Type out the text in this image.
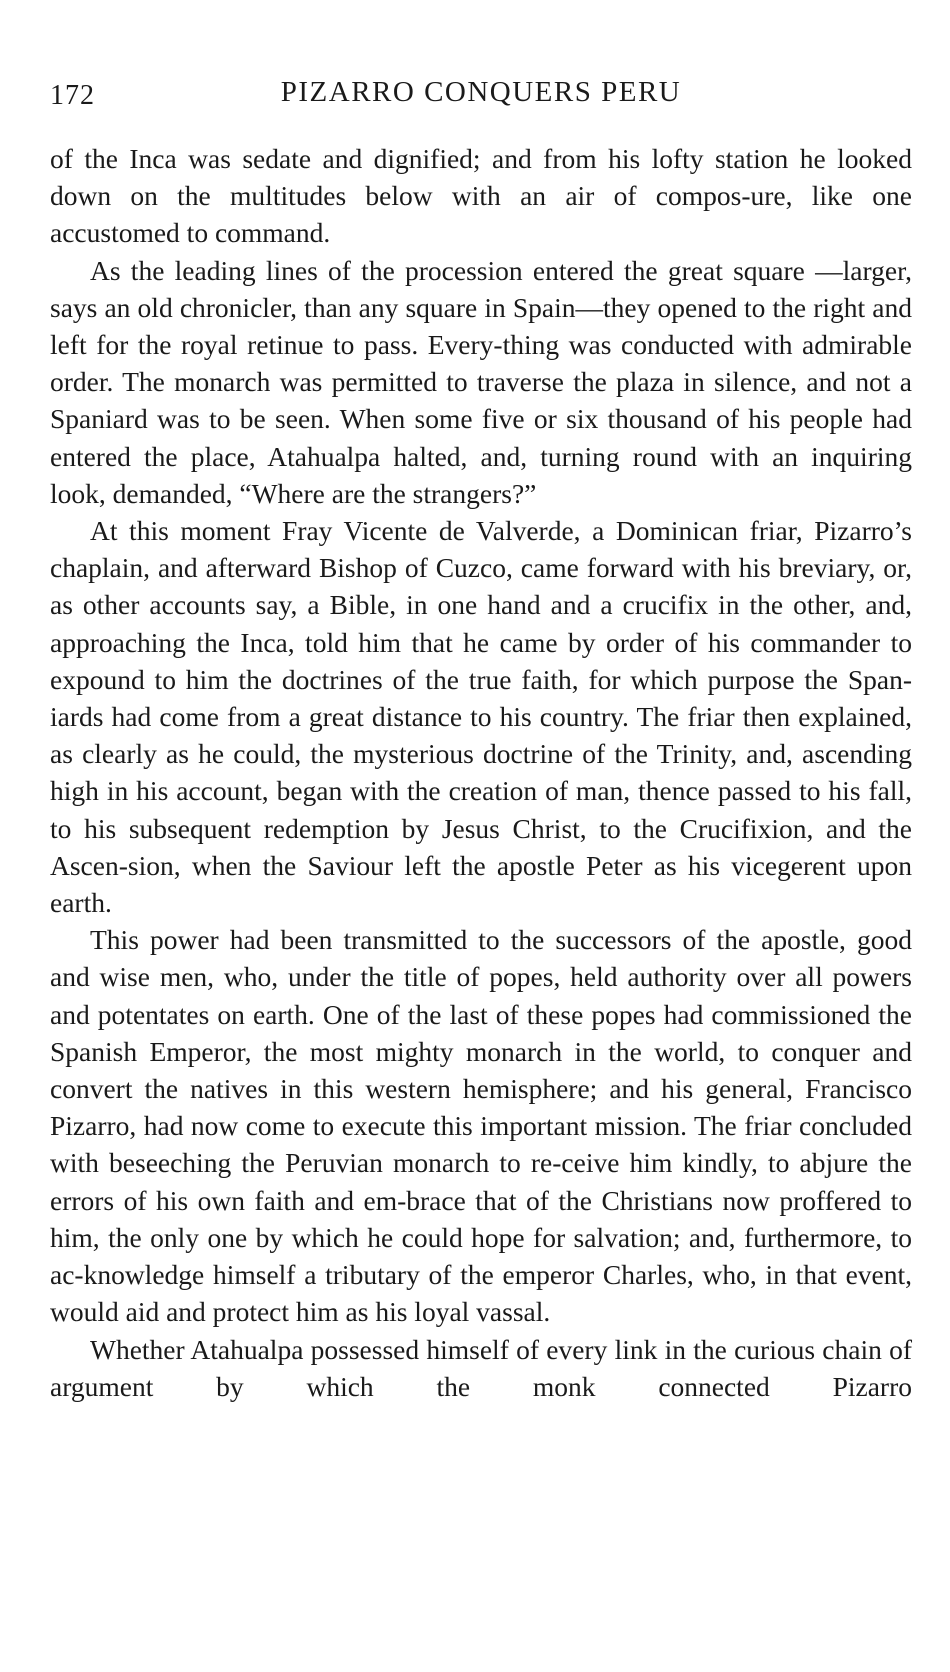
172	PIZARRO CONQUERS PERU

of the Inca was sedate and dignified; and from his lofty station he looked down on the multitudes below with an air of compos-ure, like one accustomed to command.

As the leading lines of the procession entered the great square —larger, says an old chronicler, than any square in Spain—they opened to the right and left for the royal retinue to pass. Every-thing was conducted with admirable order. The monarch was permitted to traverse the plaza in silence, and not a Spaniard was to be seen. When some five or six thousand of his people had entered the place, Atahualpa halted, and, turning round with an inquiring look, demanded, “Where are the strangers?”

At this moment Fray Vicente de Valverde, a Dominican friar, Pizarro’s chaplain, and afterward Bishop of Cuzco, came forward with his breviary, or, as other accounts say, a Bible, in one hand and a crucifix in the other, and, approaching the Inca, told him that he came by order of his commander to expound to him the doctrines of the true faith, for which purpose the Span-iards had come from a great distance to his country. The friar then explained, as clearly as he could, the mysterious doctrine of the Trinity, and, ascending high in his account, began with the creation of man, thence passed to his fall, to his subsequent redemption by Jesus Christ, to the Crucifixion, and the Ascen-sion, when the Saviour left the apostle Peter as his vicegerent upon earth.

This power had been transmitted to the successors of the apostle, good and wise men, who, under the title of popes, held authority over all powers and potentates on earth. One of the last of these popes had commissioned the Spanish Emperor, the most mighty monarch in the world, to conquer and convert the natives in this western hemisphere; and his general, Francisco Pizarro, had now come to execute this important mission. The friar concluded with beseeching the Peruvian monarch to re-ceive him kindly, to abjure the errors of his own faith and em-brace that of the Christians now proffered to him, the only one by which he could hope for salvation; and, furthermore, to ac-knowledge himself a tributary of the emperor Charles, who, in that event, would aid and protect him as his loyal vassal.

Whether Atahualpa possessed himself of every link in the curious chain of argument by which the monk connected Pizarro
